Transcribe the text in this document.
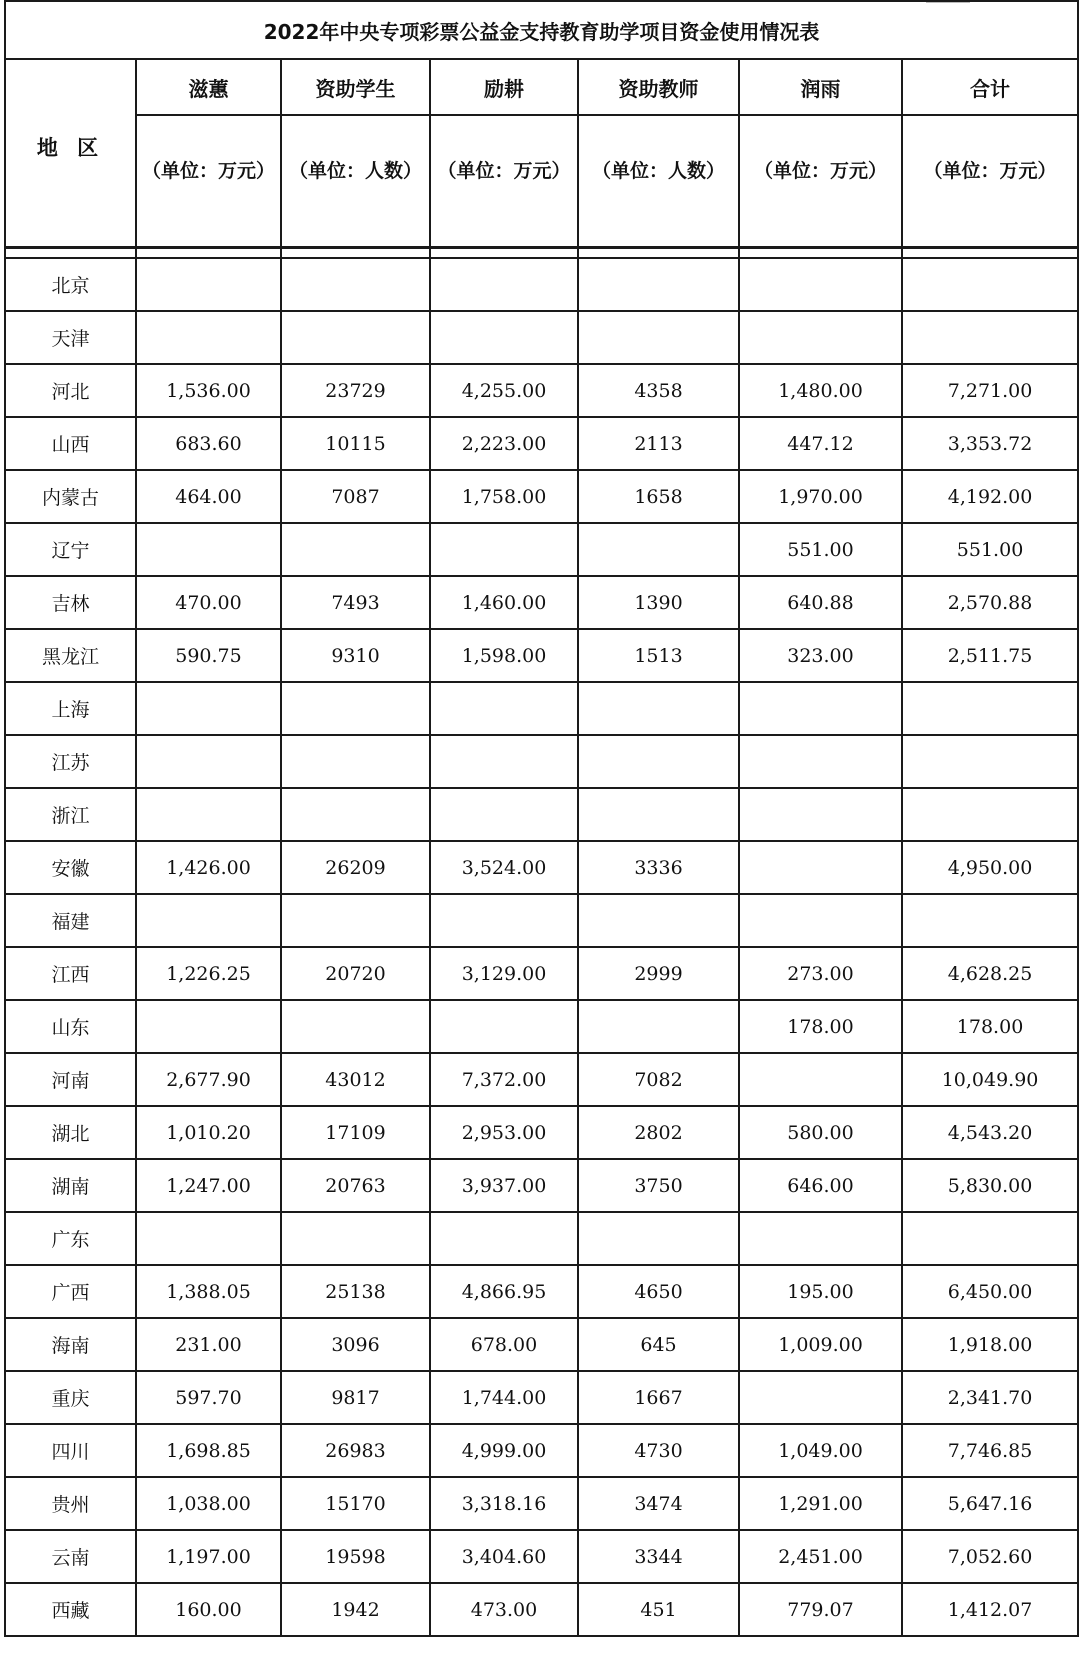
2022年中央专项彩票公益金支持教育助学项目资金使用情况表						
地 区	滋蕙	资助学生	励耕	资助教师	润雨	合计
	（单位：万元）	（单位：人数）	（单位：万元）	（单位：人数）	（单位：万元）	（单位：万元）

北京						
天津						
河北	1,536.00	23729	4,255.00	4358	1,480.00	7,271.00
山西	683.60	10115	2,223.00	2113	447.12	3,353.72
内蒙古	464.00	7087	1,758.00	1658	1,970.00	4,192.00
辽宁					551.00	551.00
吉林	470.00	7493	1,460.00	1390	640.88	2,570.88
黑龙江	590.75	9310	1,598.00	1513	323.00	2,511.75
上海						
江苏						
浙江						
安徽	1,426.00	26209	3,524.00	3336		4,950.00
福建						
江西	1,226.25	20720	3,129.00	2999	273.00	4,628.25
山东					178.00	178.00
河南	2,677.90	43012	7,372.00	7082		10,049.90
湖北	1,010.20	17109	2,953.00	2802	580.00	4,543.20
湖南	1,247.00	20763	3,937.00	3750	646.00	5,830.00
广东						
广西	1,388.05	25138	4,866.95	4650	195.00	6,450.00
海南	231.00	3096	678.00	645	1,009.00	1,918.00
重庆	597.70	9817	1,744.00	1667		2,341.70
四川	1,698.85	26983	4,999.00	4730	1,049.00	7,746.85
贵州	1,038.00	15170	3,318.16	3474	1,291.00	5,647.16
云南	1,197.00	19598	3,404.60	3344	2,451.00	7,052.60
西藏	160.00	1942	473.00	451	779.07	1,412.07
